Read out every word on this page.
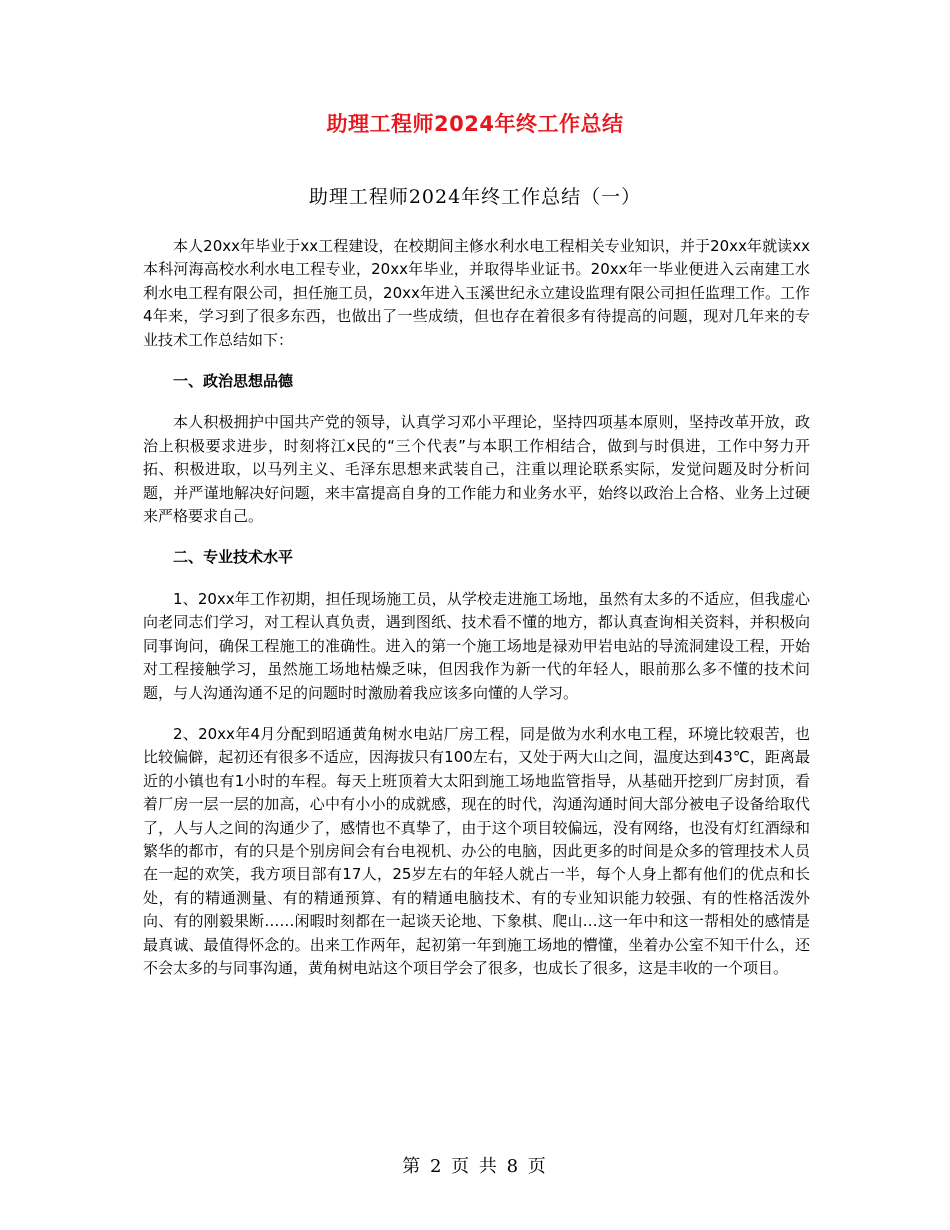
助理工程师2024年终工作总结
助理工程师2024年终工作总结（一）

本人20xx年毕业于xx工程建设，在校期间主修水利水电工程相关专业知识，并于20xx年就读xx本科河海高校水利水电工程专业，20xx年毕业，并取得毕业证书。20xx年一毕业便进入云南建工水利水电工程有限公司，担任施工员，20xx年进入玉溪世纪永立建设监理有限公司担任监理工作。工作4年来，学习到了很多东西，也做出了一些成绩，但也存在着很多有待提高的问题，现对几年来的专业技术工作总结如下：

一、政治思想品德

本人积极拥护中国共产党的领导，认真学习邓小平理论，坚持四项基本原则，坚持改革开放，政治上积极要求进步，时刻将江x民的“三个代表”与本职工作相结合，做到与时俱进，工作中努力开拓、积极进取，以马列主义、毛泽东思想来武装自己，注重以理论联系实际，发觉问题及时分析问题，并严谨地解决好问题，来丰富提高自身的工作能力和业务水平，始终以政治上合格、业务上过硬来严格要求自己。

二、专业技术水平

1、20xx年工作初期，担任现场施工员，从学校走进施工场地，虽然有太多的不适应，但我虚心向老同志们学习，对工程认真负责，遇到图纸、技术看不懂的地方，都认真查询相关资料，并积极向同事询问，确保工程施工的准确性。进入的第一个施工场地是禄劝甲岩电站的导流洞建设工程，开始对工程接触学习，虽然施工场地枯燥乏味，但因我作为新一代的年轻人，眼前那么多不懂的技术问题，与人沟通沟通不足的问题时时激励着我应该多向懂的人学习。

2、20xx年4月分配到昭通黄角树水电站厂房工程，同是做为水利水电工程，环境比较艰苦，也比较偏僻，起初还有很多不适应，因海拔只有100左右，又处于两大山之间，温度达到43℃，距离最近的小镇也有1小时的车程。每天上班顶着大太阳到施工场地监管指导，从基础开挖到厂房封顶，看着厂房一层一层的加高，心中有小小的成就感，现在的时代，沟通沟通时间大部分被电子设备给取代了，人与人之间的沟通少了，感情也不真挚了，由于这个项目较偏远，没有网络，也没有灯红酒绿和繁华的都市，有的只是个别房间会有台电视机、办公的电脑，因此更多的时间是众多的管理技术人员在一起的欢笑，我方项目部有17人，25岁左右的年轻人就占一半，每个人身上都有他们的优点和长处，有的精通测量、有的精通预算、有的精通电脑技术、有的专业知识能力较强、有的性格活泼外向、有的刚毅果断……闲暇时刻都在一起谈天论地、下象棋、爬山…这一年中和这一帮相处的感情是最真诚、最值得怀念的。出来工作两年，起初第一年到施工场地的懵懂，坐着办公室不知干什么，还不会太多的与同事沟通，黄角树电站这个项目学会了很多，也成长了很多，这是丰收的一个项目。

第 2 页 共 8 页
